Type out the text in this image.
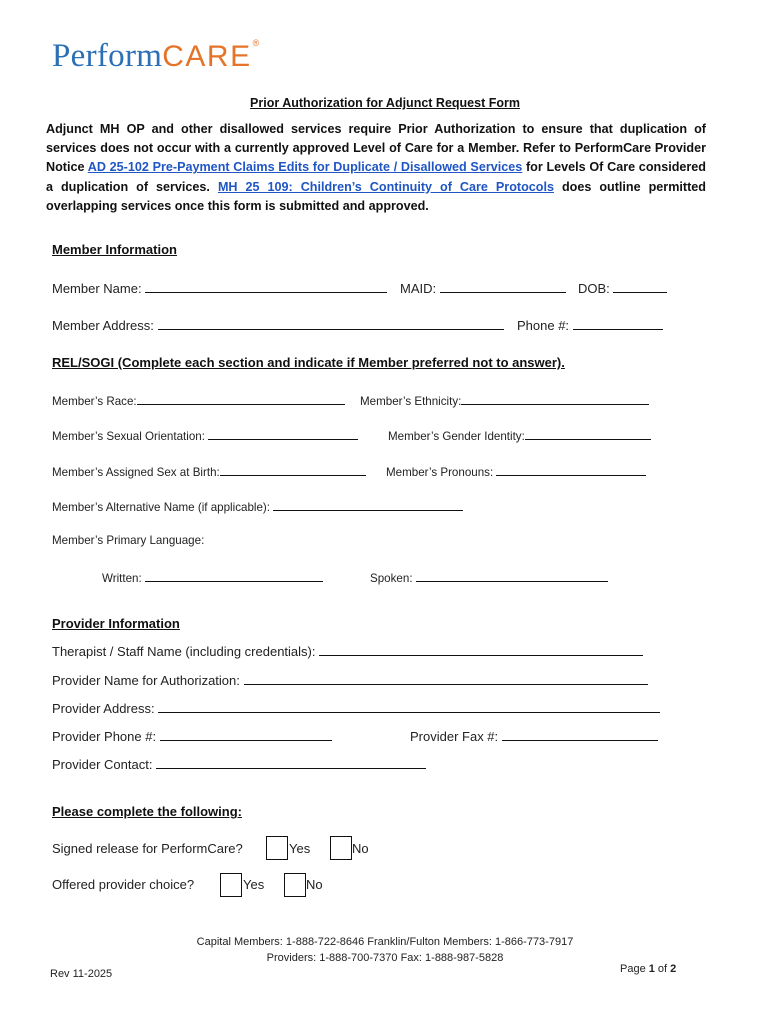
Perform CARE ®
Prior Authorization for Adjunct Request Form
Adjunct MH OP and other disallowed services require Prior Authorization to ensure that duplication of services does not occur with a currently approved Level of Care for a Member. Refer to PerformCare Provider Notice AD 25-102 Pre-Payment Claims Edits for Duplicate / Disallowed Services for Levels Of Care considered a duplication of services. MH 25 109: Children’s Continuity of Care Protocols does outline permitted overlapping services once this form is submitted and approved.
Member Information
Member Name:	MAID:	DOB:
Member Address:	Phone #:
REL/SOGI (Complete each section and indicate if Member preferred not to answer).
Member’s Race:	Member’s Ethnicity:
Member’s Sexual Orientation:	Member’s Gender Identity:
Member’s Assigned Sex at Birth:	Member’s Pronouns:
Member’s Alternative Name (if applicable):
Member’s Primary Language:
Written:	Spoken:
Provider Information
Therapist / Staff Name (including credentials):
Provider Name for Authorization:
Provider Address:
Provider Phone #:	Provider Fax #:
Provider Contact:
Please complete the following:
Signed release for PerformCare?	Yes	No
Offered provider choice?	Yes	No
Capital Members: 1-888-722-8646 Franklin/Fulton Members: 1-866-773-7917
Providers: 1-888-700-7370 Fax: 1-888-987-5828
Rev 11-2025	Page 1 of 2
